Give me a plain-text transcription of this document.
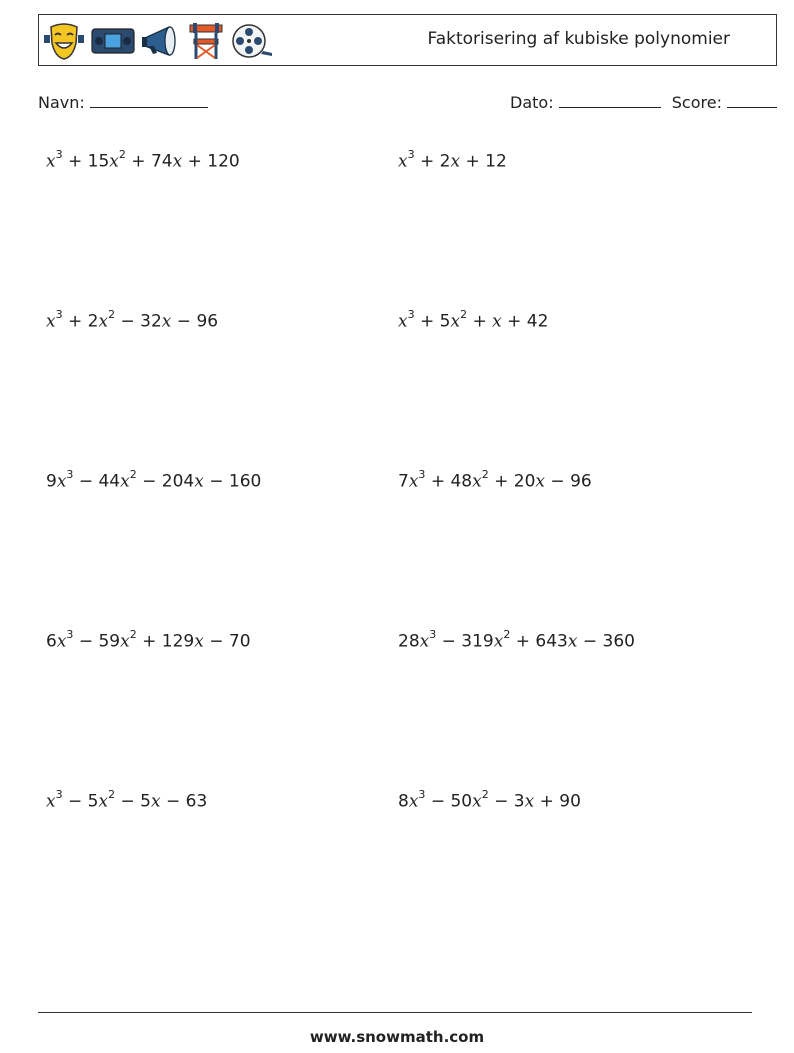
Faktorisering af kubiske polynomier
Navn:	Dato:	Score:
$x^3 + 15x^2 + 74x + 120$	$x^3 + 2x + 12$
$x^3 + 2x^2 - 32x - 96$	$x^3 + 5x^2 + x + 42$
$9x^3 - 44x^2 - 204x - 160$	$7x^3 + 48x^2 + 20x - 96$
$6x^3 - 59x^2 + 129x - 70$	$28x^3 - 319x^2 + 643x - 360$
$x^3 - 5x^2 - 5x - 63$	$8x^3 - 50x^2 - 3x + 90$
www.snowmath.com
